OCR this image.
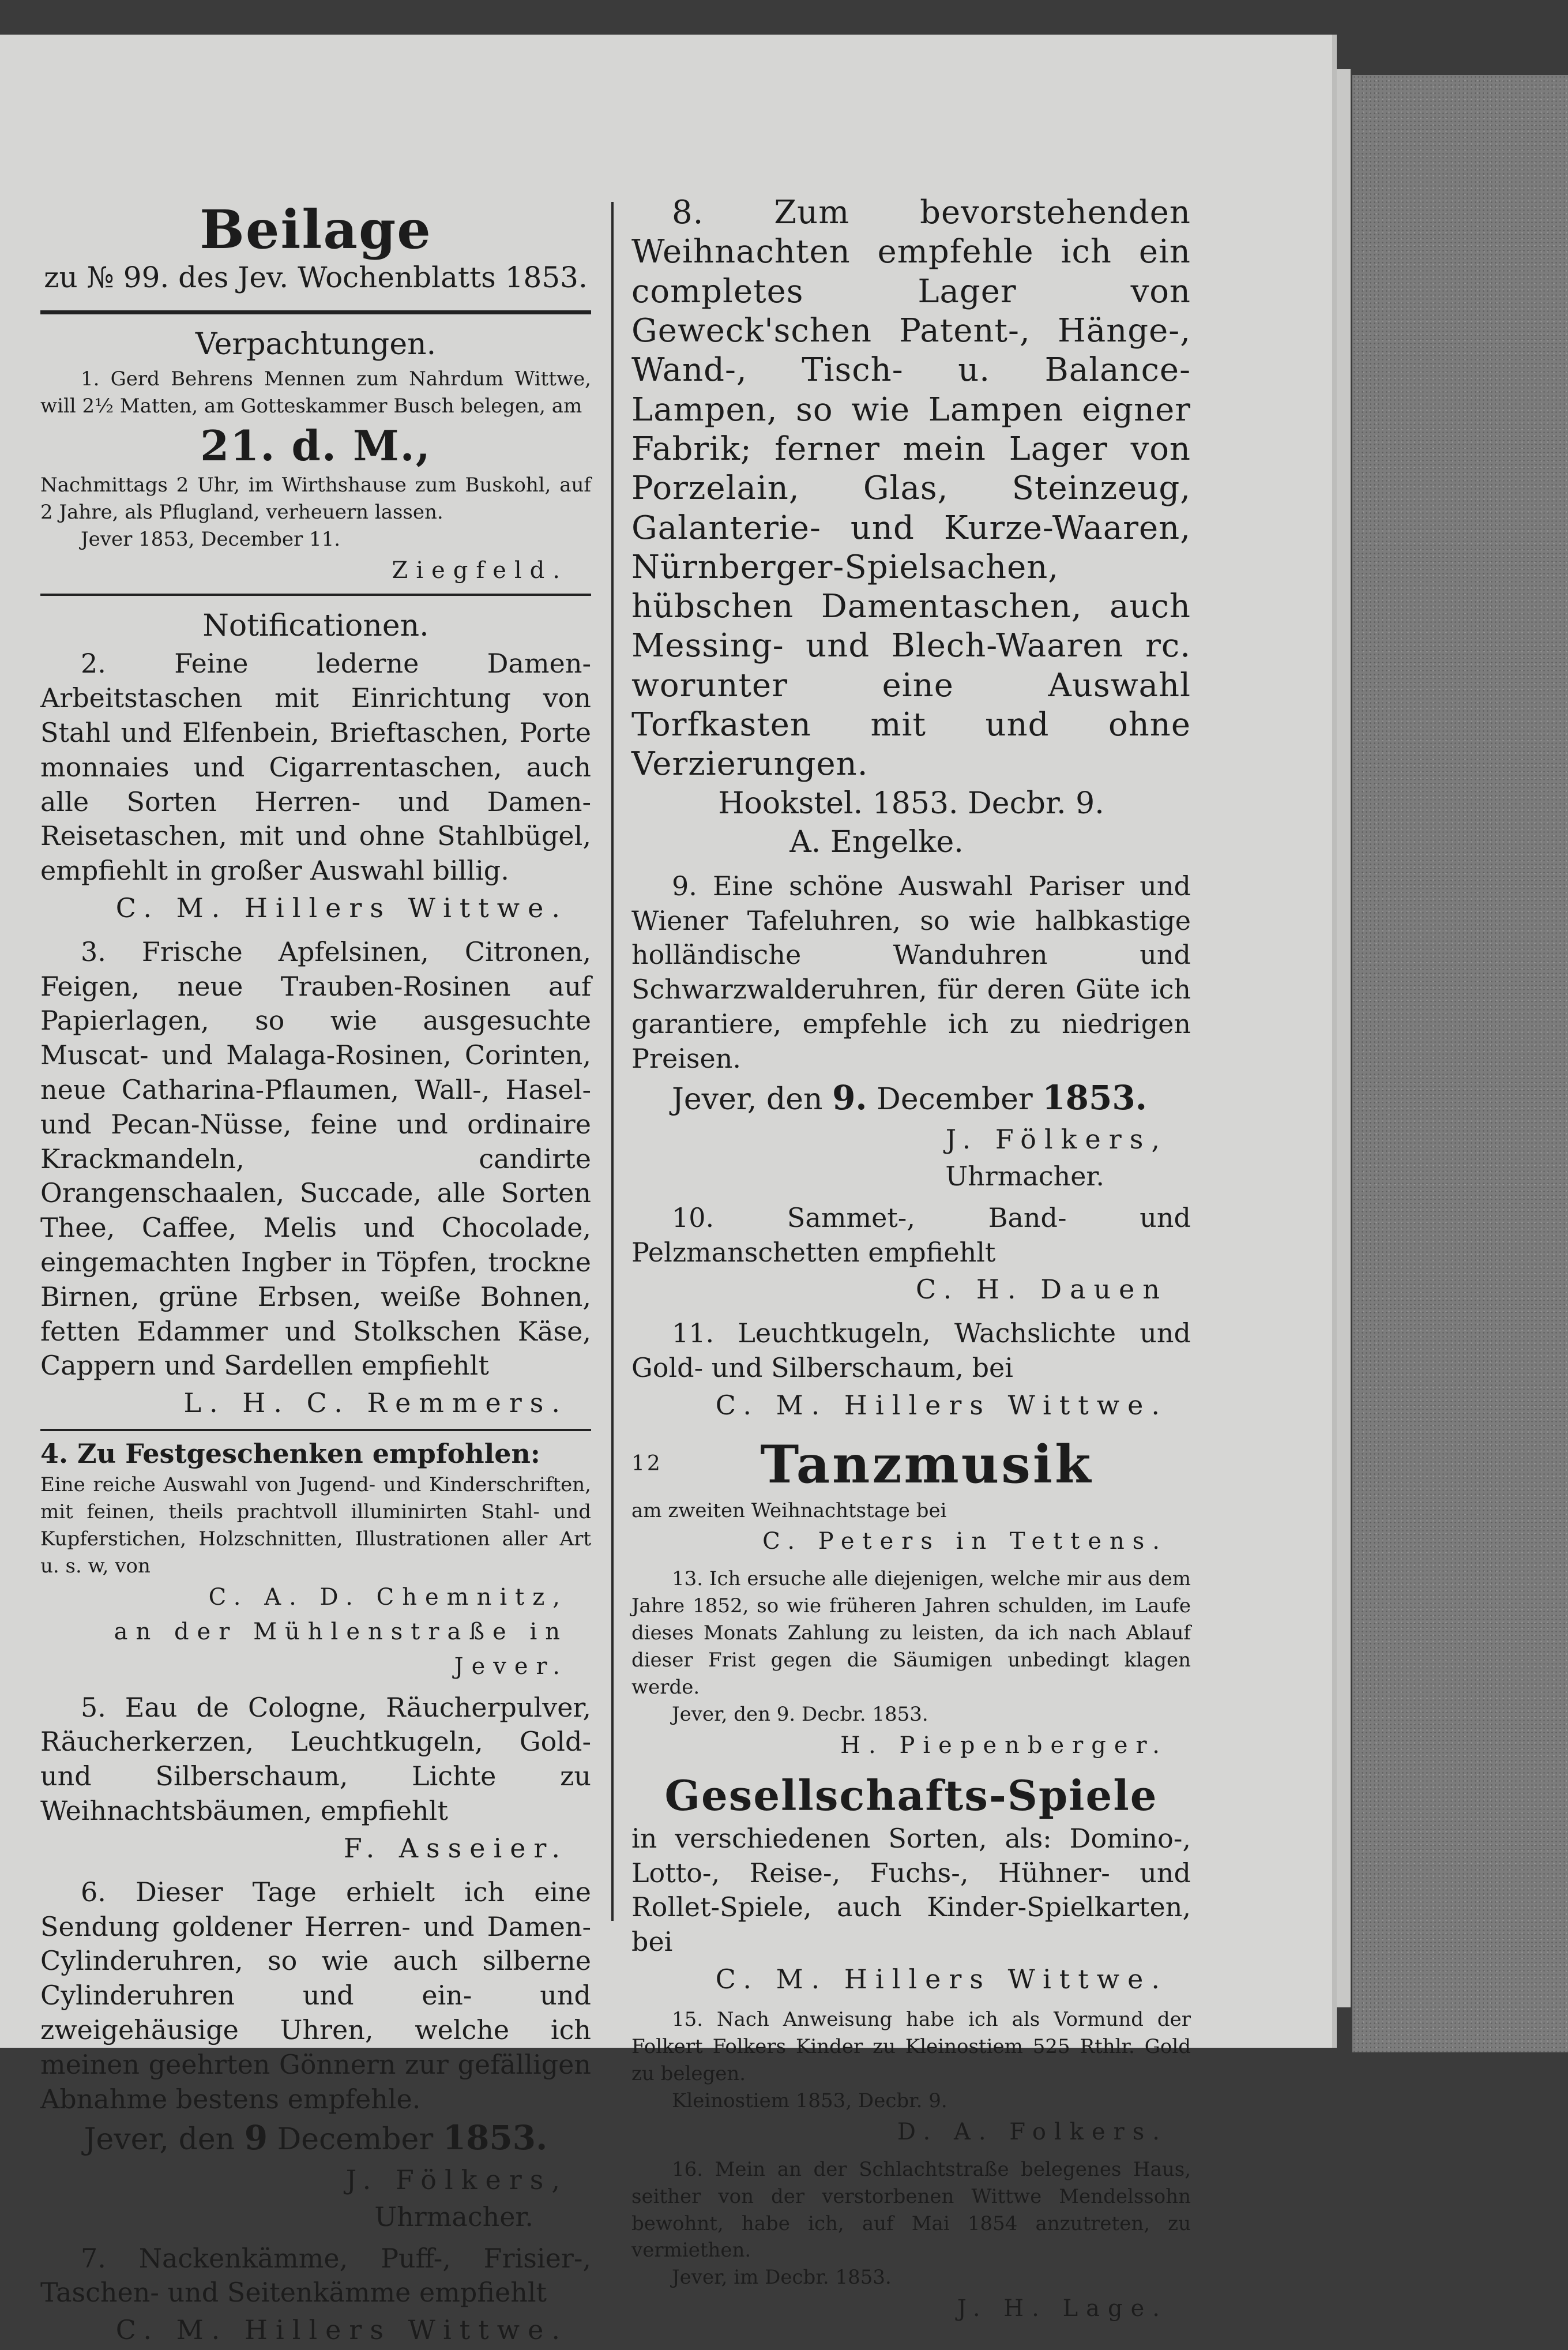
Beilage

zu № 99. des Jev. Wochenblatts 1853.

Verpachtungen.

1. Gerd Behrens Mennen zum Nahrdum Wittwe, will 2½ Matten, am Gotteskammer Busch belegen, am

21. d. M.,

Nachmittags 2 Uhr, im Wirthshause zum Buskohl, auf 2 Jahre, als Pflugland, verheuern lassen.

Jever 1853, December 11.

Ziegfeld.

Notificationen.

2. Feine lederne Damen-Arbeitstaschen mit Einrichtung von Stahl und Elfenbein, Brieftaschen, Porte monnaies und Cigarrentaschen, auch alle Sorten Herren- und Damen-Reisetaschen, mit und ohne Stahlbügel, empfiehlt in großer Auswahl billig.

C. M. Hillers Wittwe.

3. Frische Apfelsinen, Citronen, Feigen, neue Trauben-Rosinen auf Papierlagen, so wie ausgesuchte Muscat- und Malaga-Rosinen, Corinten, neue Catharina-Pflaumen, Wall-, Hasel- und Pecan-Nüsse, feine und ordinaire Krackmandeln, candirte Orangenschaalen, Succade, alle Sorten Thee, Caffee, Melis und Chocolade, eingemachten Ingber in Töpfen, trockne Birnen, grüne Erbsen, weiße Bohnen, fetten Edammer und Stolkschen Käse, Cappern und Sardellen empfiehlt

L. H. C. Remmers.

4. Zu Festgeschenken empfohlen:

Eine reiche Auswahl von Jugend- und Kinderschriften, mit feinen, theils prachtvoll illuminirten Stahl- und Kupferstichen, Holzschnitten, Illustrationen aller Art u. s. w, von

C. A. D. Chemnitz,

an der Mühlenstraße in Jever.

5. Eau de Cologne, Räucherpulver, Räucherkerzen, Leuchtkugeln, Gold- und Silberschaum, Lichte zu Weihnachtsbäumen, empfiehlt

F. Asseier.

6. Dieser Tage erhielt ich eine Sendung goldener Herren- und Damen-Cylinderuhren, so wie auch silberne Cylinderuhren und ein- und zweigehäusige Uhren, welche ich meinen geehrten Gönnern zur gefälligen Abnahme bestens empfehle.

Jever, den 9 December 1853.

J. Fölkers,

Uhrmacher.

7. Nackenkämme, Puff-, Frisier-, Taschen- und Seitenkämme empfiehlt

C. M. Hillers Wittwe.

8. Zum bevorstehenden Weihnachten empfehle ich ein completes Lager von Geweck'schen Patent-, Hänge-, Wand-, Tisch- u. Balance-Lampen, so wie Lampen eigner Fabrik; ferner mein Lager von Porzelain, Glas, Steinzeug, Galanterie- und Kurze-Waaren, Nürnberger-Spielsachen, hübschen Damentaschen, auch Messing- und Blech-Waaren rc. worunter eine Auswahl Torfkasten mit und ohne Verzierungen.

Hookstel. 1853. Decbr. 9.

A. Engelke.

9. Eine schöne Auswahl Pariser und Wiener Tafeluhren, so wie halbkastige holländische Wanduhren und Schwarzwalderuhren, für deren Güte ich garantiere, empfehle ich zu niedrigen Preisen.

Jever, den 9. December 1853.

J. Fölkers,

Uhrmacher.

10. Sammet-, Band- und Pelzmanschetten empfiehlt

C. H. Dauen

11. Leuchtkugeln, Wachslichte und Gold- und Silberschaum, bei

C. M. Hillers Wittwe.

12 Tanzmusik

am zweiten Weihnachtstage bei

C. Peters in Tettens.

13. Ich ersuche alle diejenigen, welche mir aus dem Jahre 1852, so wie früheren Jahren schulden, im Laufe dieses Monats Zahlung zu leisten, da ich nach Ablauf dieser Frist gegen die Säumigen unbedingt klagen werde.

Jever, den 9. Decbr. 1853.

H. Piepenberger.

Gesellschafts-Spiele

in verschiedenen Sorten, als: Domino-, Lotto-, Reise-, Fuchs-, Hühner- und Rollet-Spiele, auch Kinder-Spielkarten, bei

C. M. Hillers Wittwe.

15. Nach Anweisung habe ich als Vormund der Folkert Folkers Kinder zu Kleinostiem 525 Rthlr. Gold zu belegen.

Kleinostiem 1853, Decbr. 9.

D. A. Folkers.

16. Mein an der Schlachtstraße belegenes Haus, seither von der verstorbenen Wittwe Mendelssohn bewohnt, habe ich, auf Mai 1854 anzutreten, zu vermiethen.

Jever, im Decbr. 1853.

J. H. Lage.
